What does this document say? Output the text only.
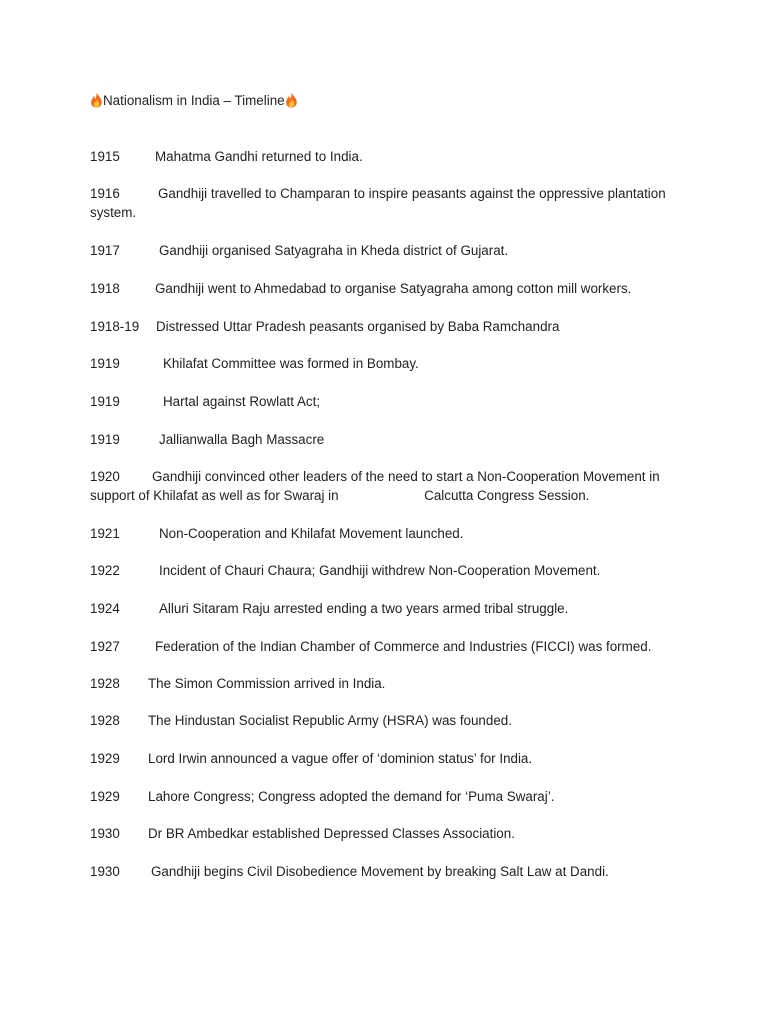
Nationalism in India – Timeline
1915	Mahatma Gandhi returned to India.
1916	Gandhiji travelled to Champaran to inspire peasants against the oppressive plantation system.
1917	Gandhiji organised Satyagraha in Kheda district of Gujarat.
1918	Gandhiji went to Ahmedabad to organise Satyagraha among cotton mill workers.
1918-19 Distressed Uttar Pradesh peasants organised by Baba Ramchandra
1919	Khilafat Committee was formed in Bombay.
1919	Hartal against Rowlatt Act;
1919	Jallianwalla Bagh Massacre
1920 Gandhiji convinced other leaders of the need to start a Non-Cooperation Movement in support of Khilafat as well as for Swaraj in                       Calcutta Congress Session.
1921	Non-Cooperation and Khilafat Movement launched.
1922	Incident of Chauri Chaura; Gandhiji withdrew Non-Cooperation Movement.
1924	Alluri Sitaram Raju arrested ending a two years armed tribal struggle.
1927	Federation of the Indian Chamber of Commerce and Industries (FICCI) was formed.
1928 The Simon Commission arrived in India.
1928 The Hindustan Socialist Republic Army (HSRA) was founded.
1929 Lord Irwin announced a vague offer of ‘dominion status’ for India.
1929 Lahore Congress; Congress adopted the demand for ‘Puma Swaraj’.
1930 Dr BR Ambedkar established Depressed Classes Association.
1930 Gandhiji begins Civil Disobedience Movement by breaking Salt Law at Dandi.
